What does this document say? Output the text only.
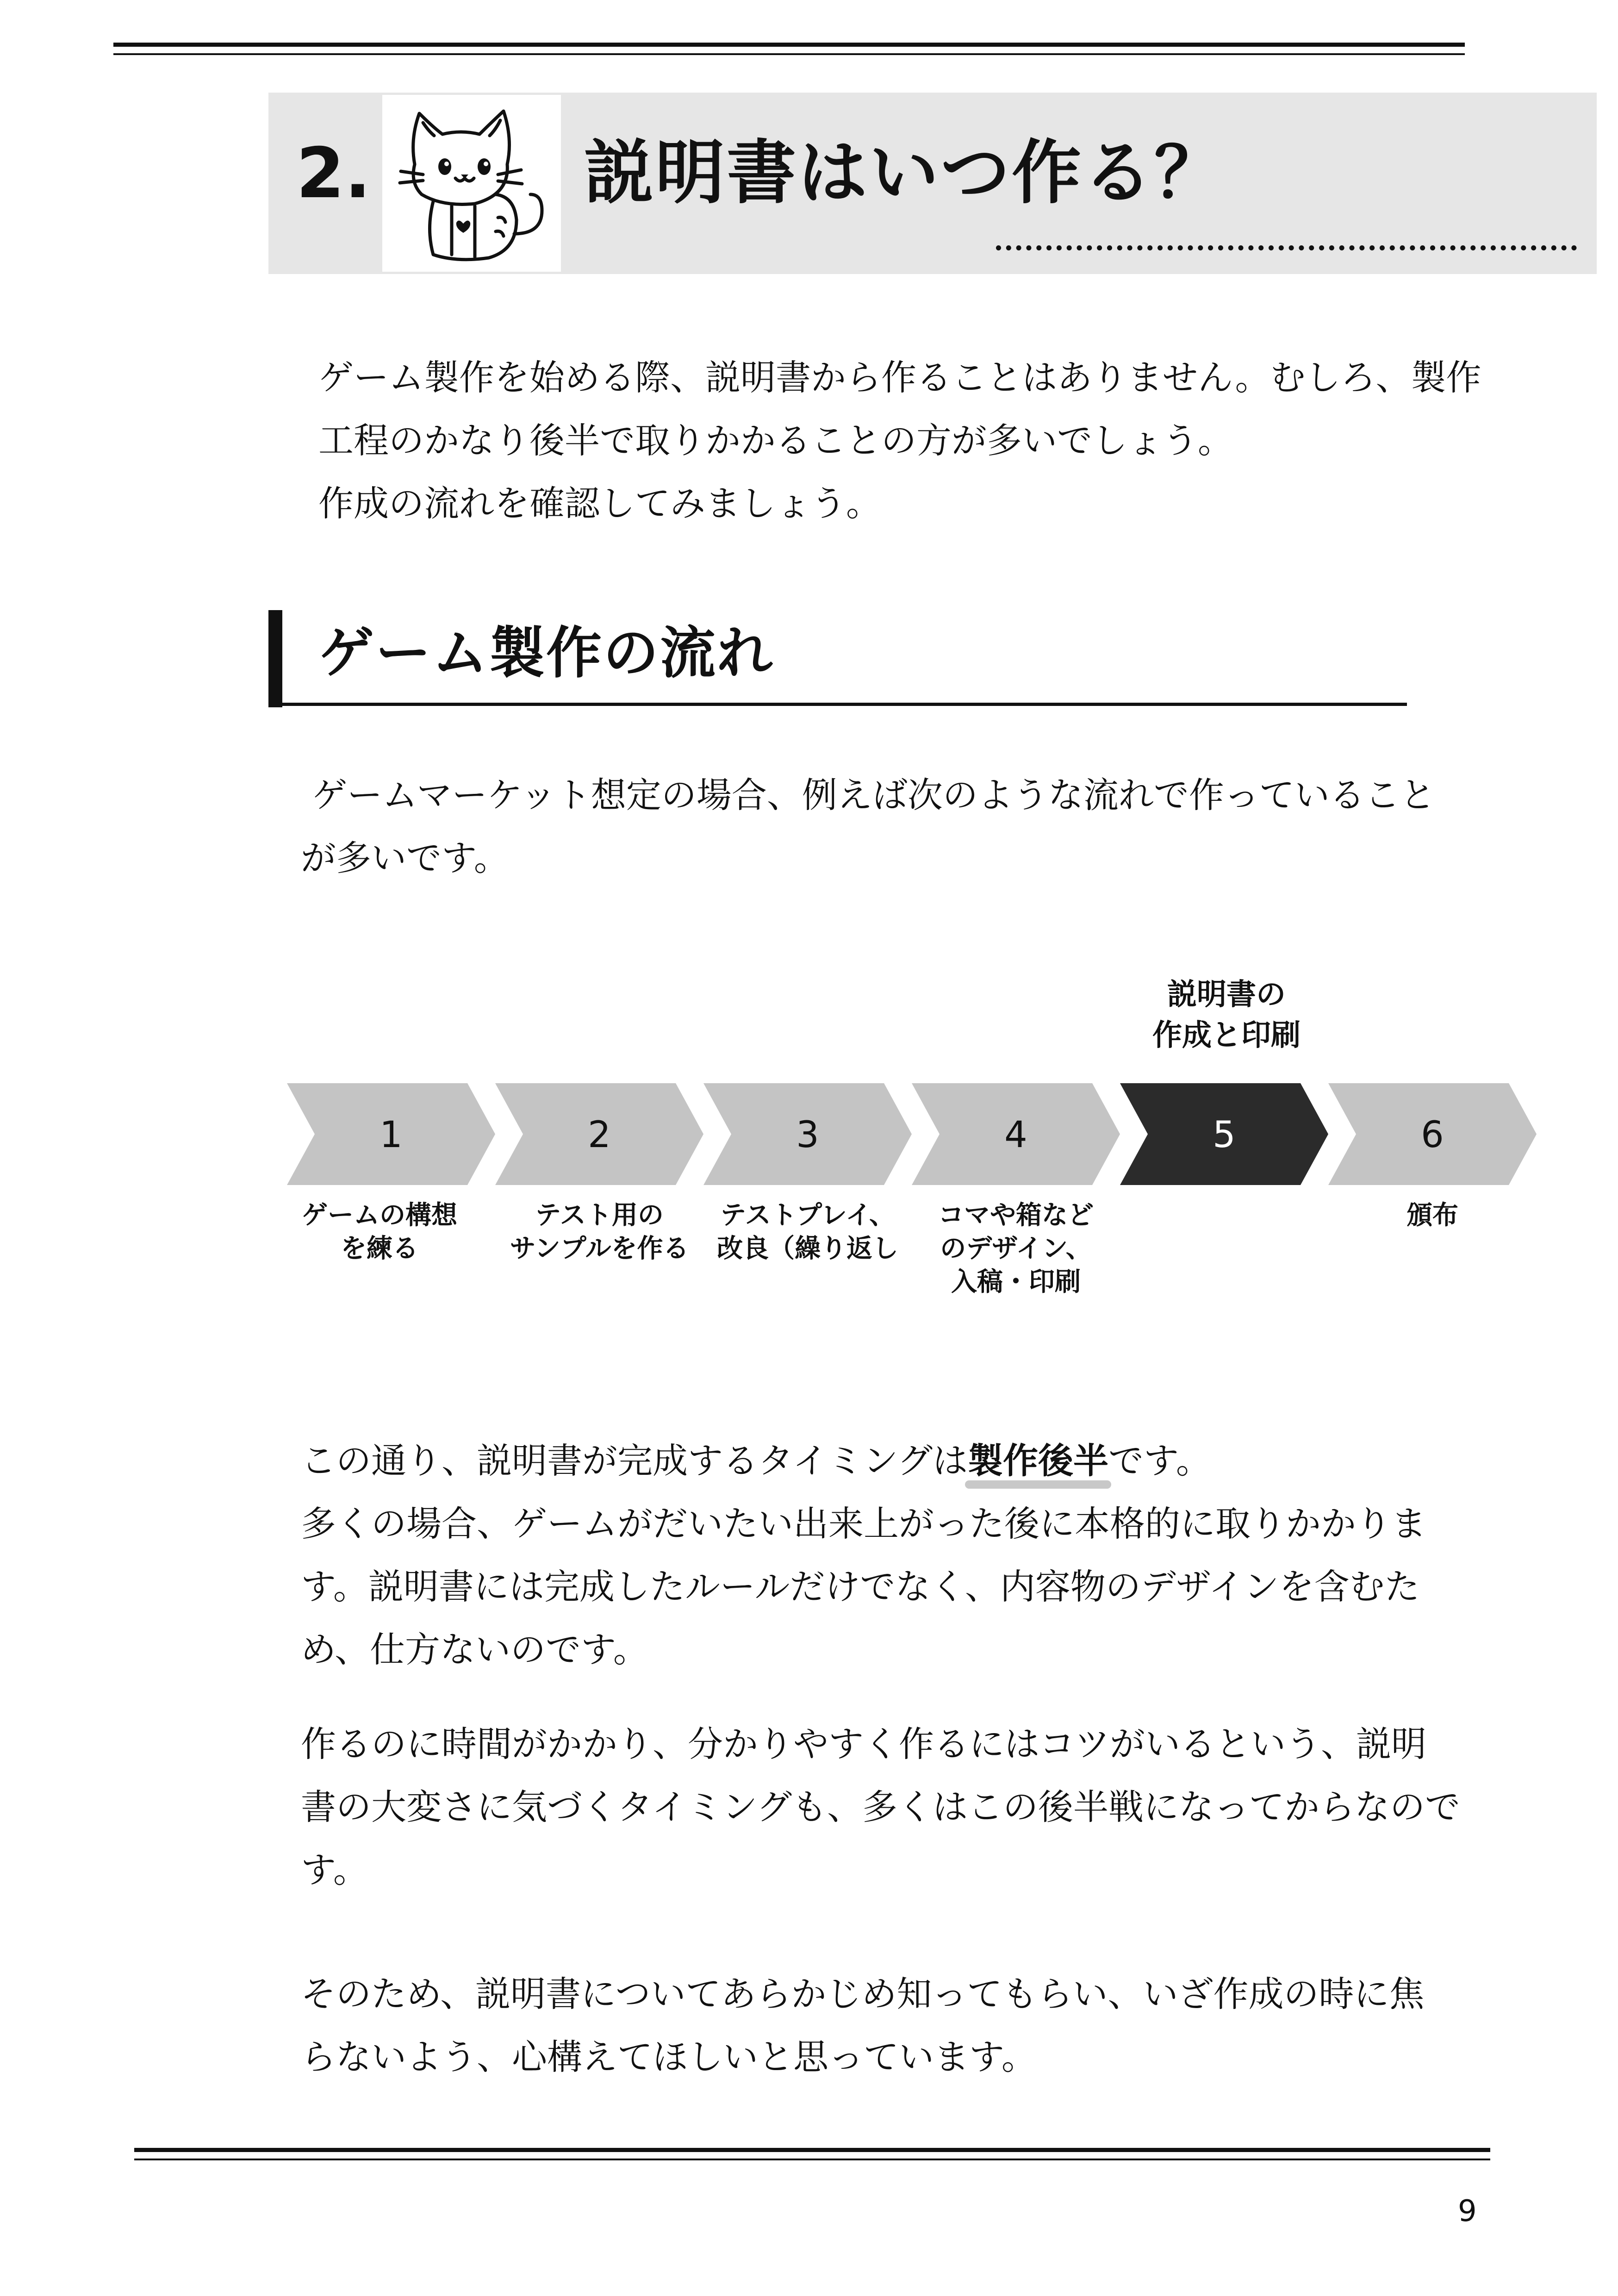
2.	説明書はいつ作る？
ゲーム製作を始める際、説明書から作ることはありません。むしろ、製作
工程のかなり後半で取りかかることの方が多いでしょう。
作成の流れを確認してみましょう。
ゲーム製作の流れ
ゲームマーケット想定の場合、例えば次のような流れで作っていること
が多いです。
説明書の
作成と印刷
1	2	3	4	5	6
ゲームの構想
を練る
テスト用の
サンプルを作る
テストプレイ、
改良（繰り返し
コマや箱など
のデザイン、
入稿・印刷
頒布
この通り、説明書が完成するタイミングは製作後半です。
多くの場合、ゲームがだいたい出来上がった後に本格的に取りかかりま
す。説明書には完成したルールだけでなく、内容物のデザインを含むた
め、仕方ないのです。
作るのに時間がかかり、分かりやすく作るにはコツがいるという、説明
書の大変さに気づくタイミングも、多くはこの後半戦になってからなので
す。
そのため、説明書についてあらかじめ知ってもらい、いざ作成の時に焦
らないよう、心構えてほしいと思っています。
9
